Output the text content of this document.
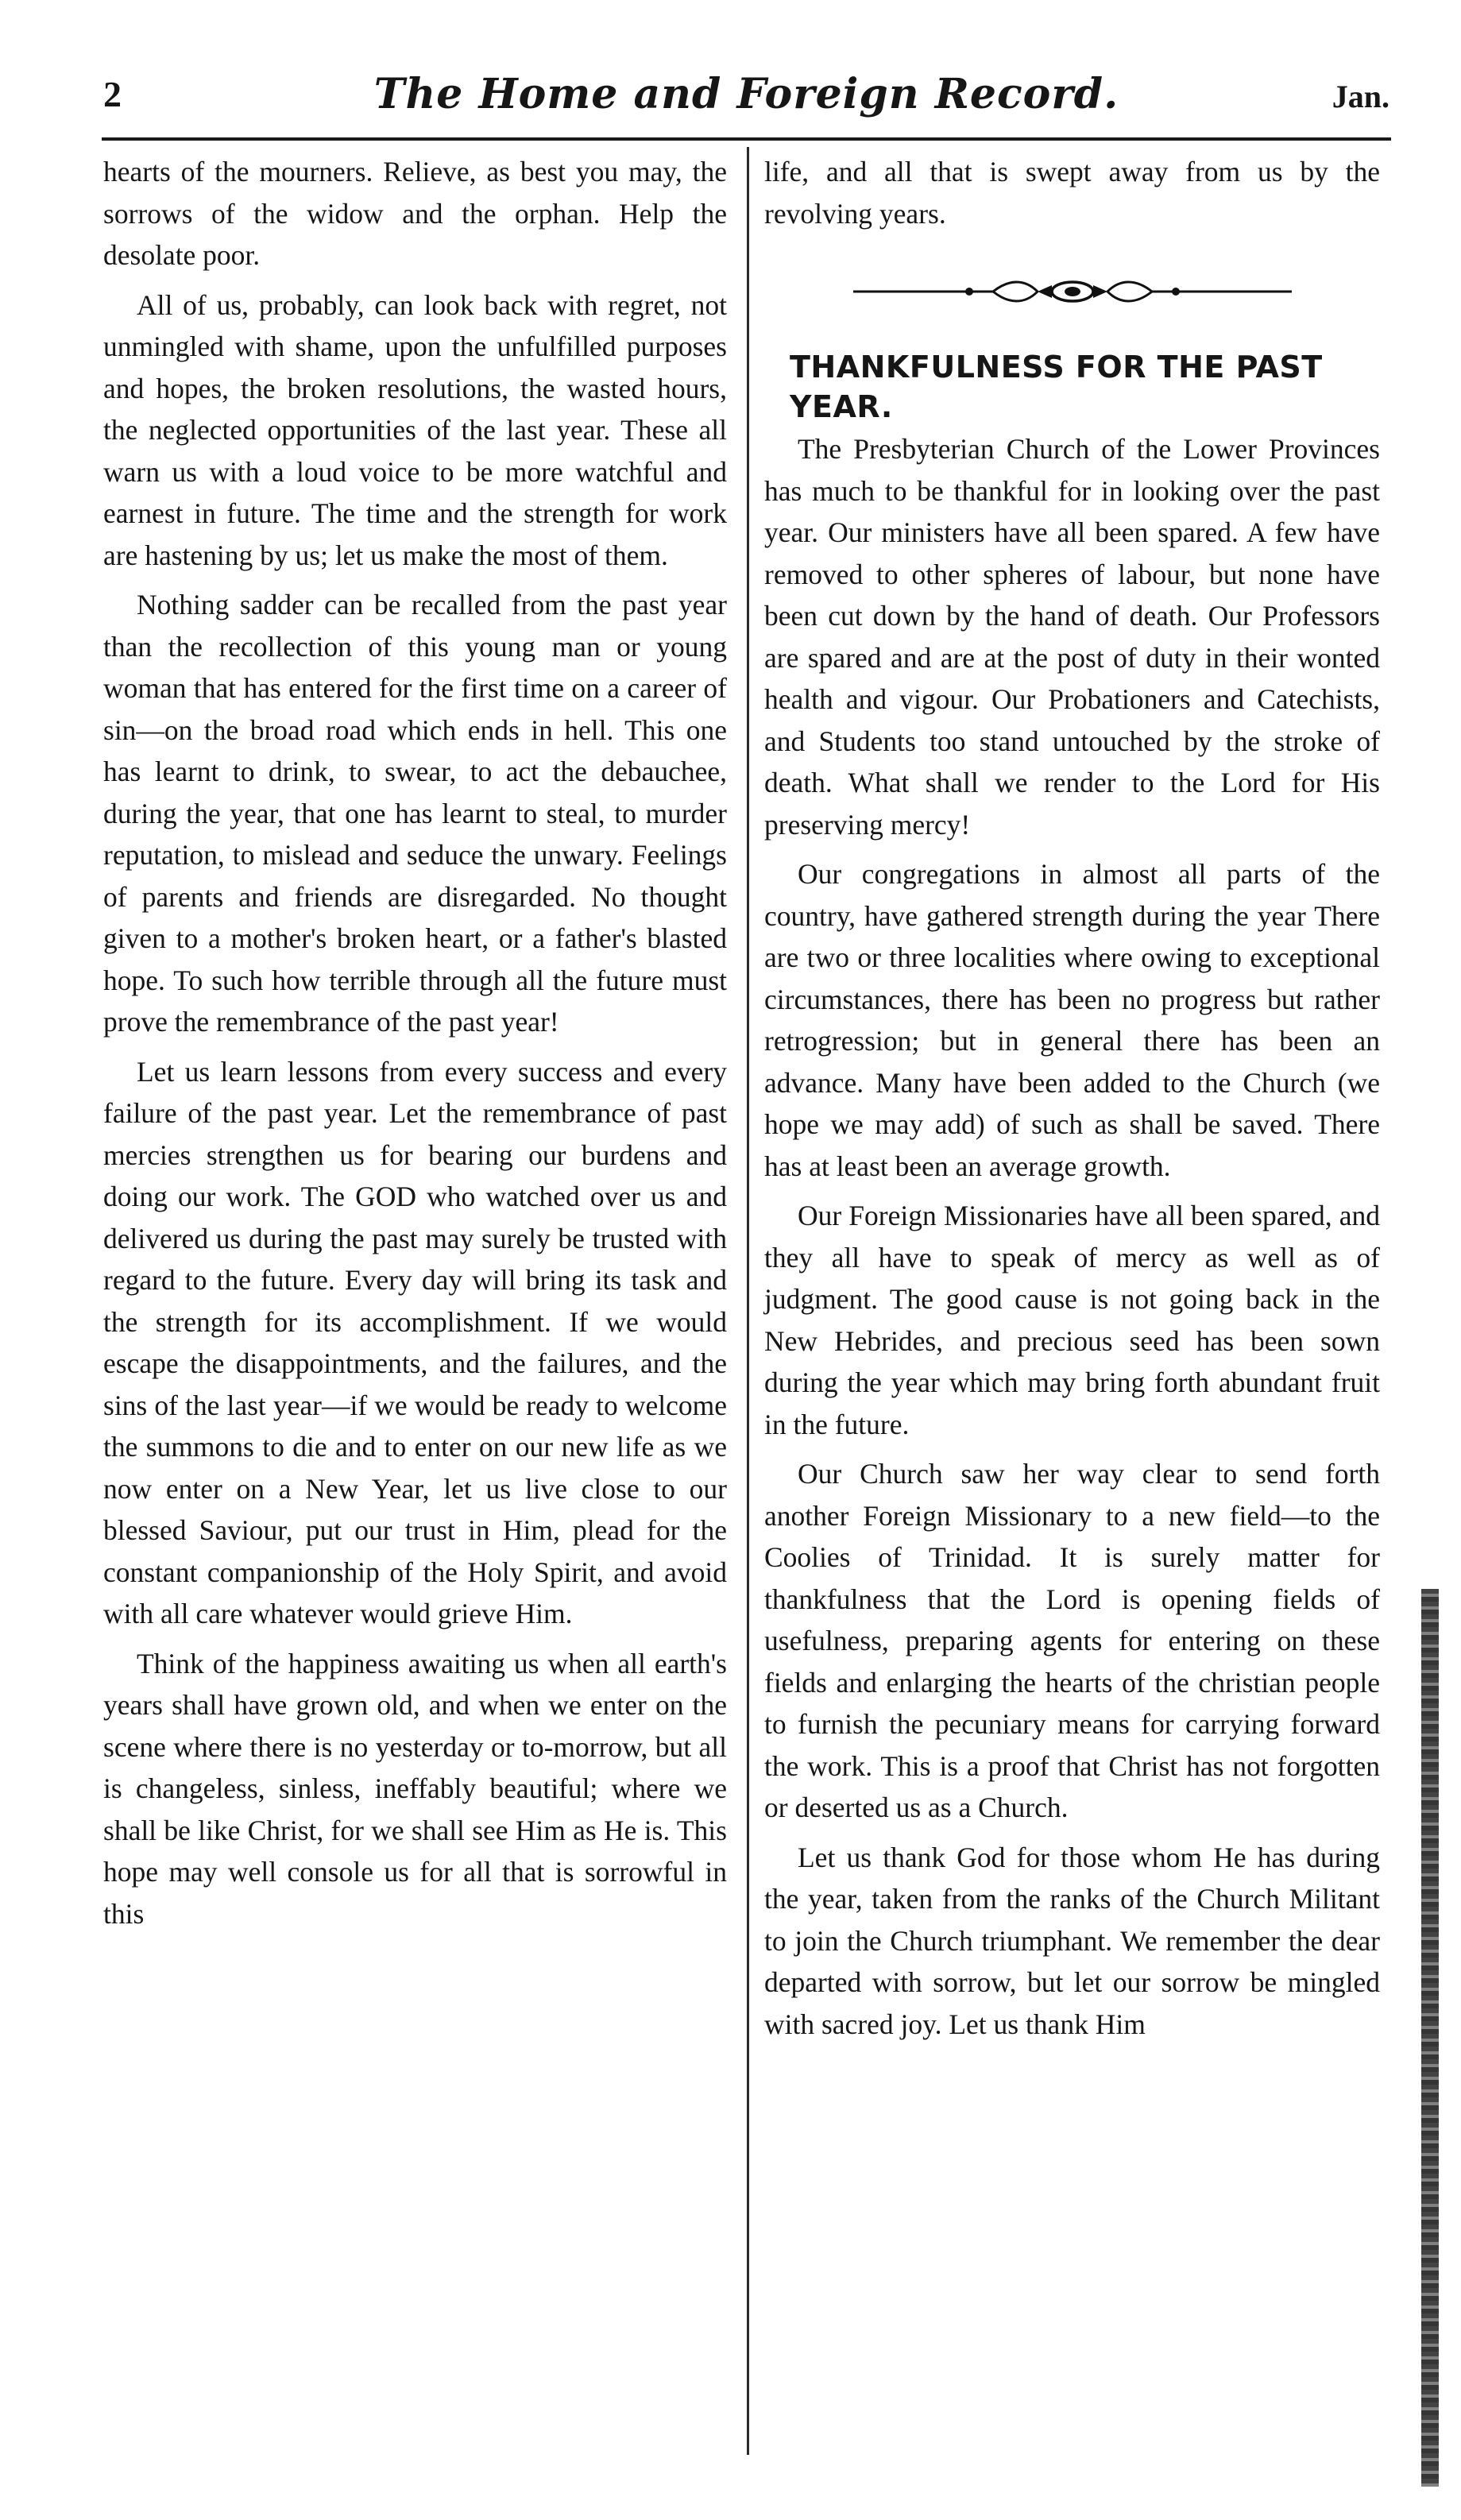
2	The Home and Foreign Record.	Jan.

hearts of the mourners. Relieve, as best you may, the sorrows of the widow and the orphan. Help the desolate poor.

All of us, probably, can look back with regret, not unmingled with shame, upon the unfulfilled purposes and hopes, the broken resolutions, the wasted hours, the neglected opportunities of the last year. These all warn us with a loud voice to be more watchful and earnest in future. The time and the strength for work are hastening by us; let us make the most of them.

Nothing sadder can be recalled from the past year than the recollection of this young man or young woman that has entered for the first time on a career of sin—on the broad road which ends in hell. This one has learnt to drink, to swear, to act the debauchee, during the year, that one has learnt to steal, to murder reputation, to mislead and seduce the unwary. Feelings of parents and friends are disregarded. No thought given to a mother's broken heart, or a father's blasted hope. To such how terrible through all the future must prove the remembrance of the past year!

Let us learn lessons from every success and every failure of the past year. Let the remembrance of past mercies strengthen us for bearing our burdens and doing our work. The GOD who watched over us and delivered us during the past may surely be trusted with regard to the future. Every day will bring its task and the strength for its accomplishment. If we would escape the disappointments, and the failures, and the sins of the last year—if we would be ready to welcome the summons to die and to enter on our new life as we now enter on a New Year, let us live close to our blessed Saviour, put our trust in Him, plead for the constant companionship of the Holy Spirit, and avoid with all care whatever would grieve Him.

Think of the happiness awaiting us when all earth's years shall have grown old, and when we enter on the scene where there is no yesterday or to-morrow, but all is changeless, sinless, ineffably beautiful; where we shall be like Christ, for we shall see Him as He is. This hope may well console us for all that is sorrowful in this

life, and all that is swept away from us by the revolving years.

THANKFULNESS FOR THE PAST YEAR.

The Presbyterian Church of the Lower Provinces has much to be thankful for in looking over the past year. Our ministers have all been spared. A few have removed to other spheres of labour, but none have been cut down by the hand of death. Our Professors are spared and are at the post of duty in their wonted health and vigour. Our Probationers and Catechists, and Students too stand untouched by the stroke of death. What shall we render to the Lord for His preserving mercy!

Our congregations in almost all parts of the country, have gathered strength during the year There are two or three localities where owing to exceptional circumstances, there has been no progress but rather retrogression; but in general there has been an advance. Many have been added to the Church (we hope we may add) of such as shall be saved. There has at least been an average growth.

Our Foreign Missionaries have all been spared, and they all have to speak of mercy as well as of judgment. The good cause is not going back in the New Hebrides, and precious seed has been sown during the year which may bring forth abundant fruit in the future.

Our Church saw her way clear to send forth another Foreign Missionary to a new field—to the Coolies of Trinidad. It is surely matter for thankfulness that the Lord is opening fields of usefulness, preparing agents for entering on these fields and enlarging the hearts of the christian people to furnish the pecuniary means for carrying forward the work. This is a proof that Christ has not forgotten or deserted us as a Church.

Let us thank God for those whom He has during the year, taken from the ranks of the Church Militant to join the Church triumphant. We remember the dear departed with sorrow, but let our sorrow be mingled with sacred joy. Let us thank Him
